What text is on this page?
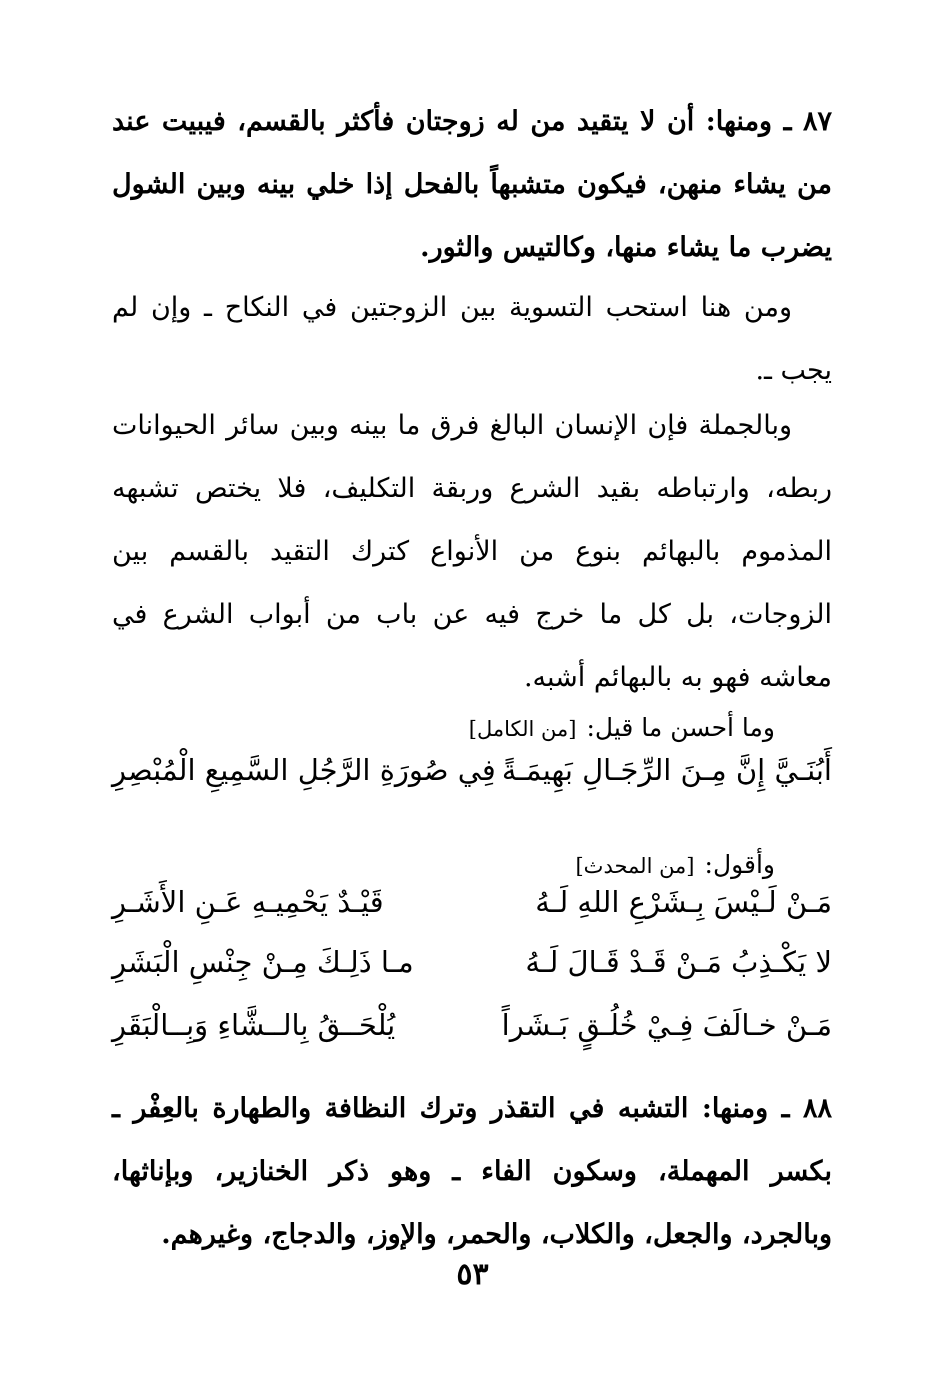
٨٧ ـ ومنها: أن لا يتقيد من له زوجتان فأكثر بالقسم، فيبيت عند من يشاء منهن، فيكون متشبهاً بالفحل إذا خلي بينه وبين الشول يضرب ما يشاء منها، وكالتيس والثور.

ومن هنا استحب التسوية بين الزوجتين في النكاح ـ وإن لم يجب ـ.

وبالجملة فإن الإنسان البالغ فرق ما بينه وبين سائر الحيوانات ربطه، وارتباطه بقيد الشرع وربقة التكليف، فلا يختص تشبهه المذموم بالبهائم بنوع من الأنواع كترك التقيد بالقسم بين الزوجات، بل كل ما خرج فيه عن باب من أبواب الشرع في معاشه فهو به بالبهائم أشبه.

وما أحسن ما قيل:[من الكامل]

أَبُنَـيَّ إِنَّ مِـنَ الرِّجَـالِ بَهِيمَـةً
فِي صُورَةِ الرَّجُلِ السَّمِيعِ الْمُبْصِرِ

وأقول:[من المحدث]

مَـنْ لَـيْسَ بِـشَرْعِ اللهِ لَـهُ
قَيْـدٌ يَحْمِيـهِ عَـنِ الأَشَـرِ
لا يَكْـذِبُ مَـنْ قَـدْ قَـالَ لَـهُ
مـا ذَلِـكَ مِـنْ جِنْسِ الْبَشَرِ
مَـنْ خـالَفَ فِـيْ خُلُـقٍ بَـشَراً
يُلْحَــقُ بِالــشَّاءِ وَبِــالْبَقَرِ

٨٨ ـ ومنها: التشبه في التقذر وترك النظافة والطهارة بالعِفْر ـ بكسر المهملة، وسكون الفاء ـ وهو ذكر الخنازير، وبإناثها، وبالجرد، والجعل، والكلاب، والحمر، والإوز، والدجاج، وغيرهم.

٥٣
